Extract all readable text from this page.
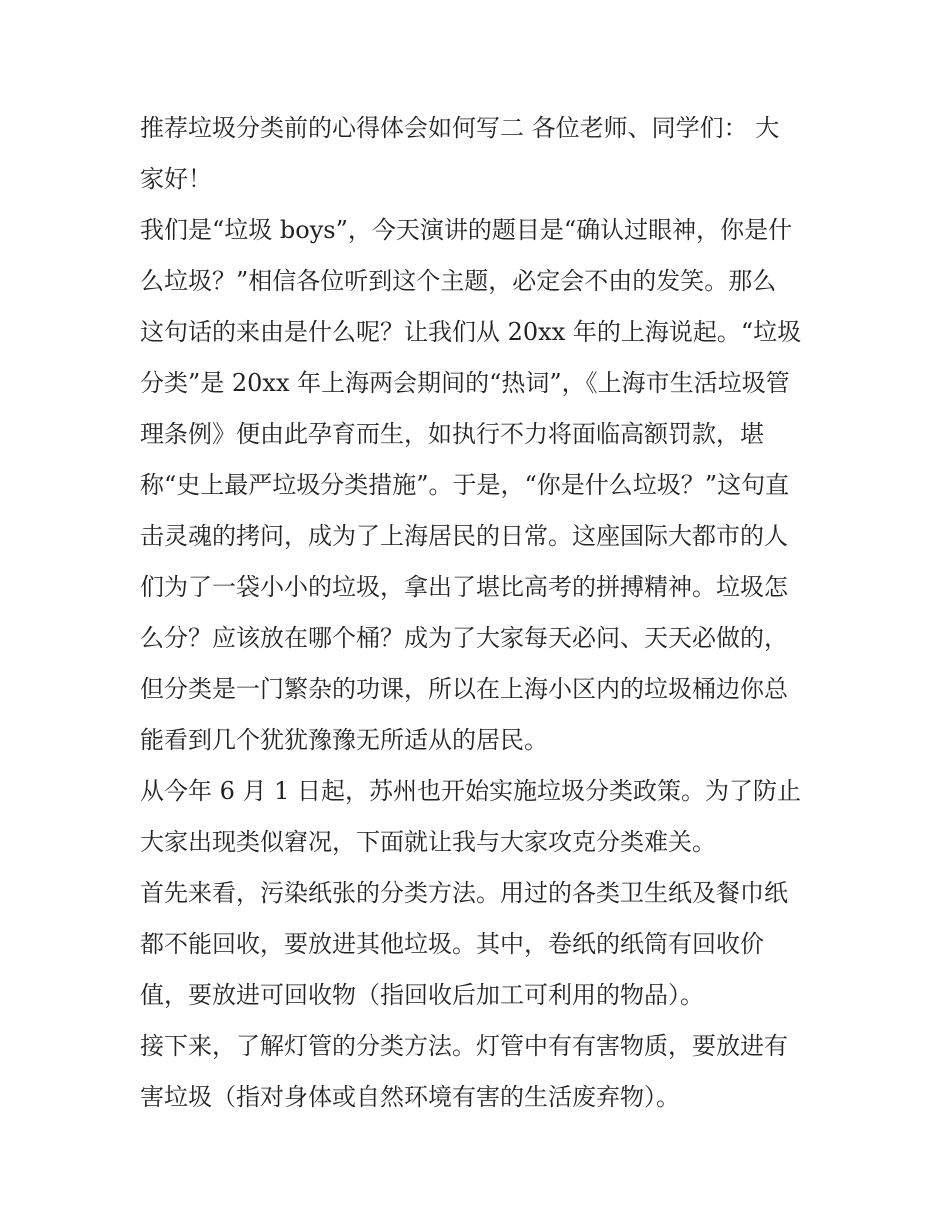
推荐垃圾分类前的心得体会如何写二 各位老师、同学们： 大
家好！
我们是“垃圾 boys”，今天演讲的题目是“确认过眼神，你是什
么垃圾？”相信各位听到这个主题，必定会不由的发笑。那么
这句话的来由是什么呢？让我们从 20xx 年的上海说起。“垃圾
分类”是 20xx 年上海两会期间的“热词”，《上海市生活垃圾管
理条例》便由此孕育而生，如执行不力将面临高额罚款，堪
称“史上最严垃圾分类措施”。于是，“你是什么垃圾？”这句直
击灵魂的拷问，成为了上海居民的日常。这座国际大都市的人
们为了一袋小小的垃圾，拿出了堪比高考的拼搏精神。垃圾怎
么分？应该放在哪个桶？成为了大家每天必问、天天必做的，
但分类是一门繁杂的功课，所以在上海小区内的垃圾桶边你总
能看到几个犹犹豫豫无所适从的居民。
从今年 6 月 1 日起，苏州也开始实施垃圾分类政策。为了防止
大家出现类似窘况，下面就让我与大家攻克分类难关。
首先来看，污染纸张的分类方法。用过的各类卫生纸及餐巾纸
都不能回收，要放进其他垃圾。其中，卷纸的纸筒有回收价
值，要放进可回收物（指回收后加工可利用的物品）。
接下来，了解灯管的分类方法。灯管中有有害物质，要放进有
害垃圾（指对身体或自然环境有害的生活废弃物）。
